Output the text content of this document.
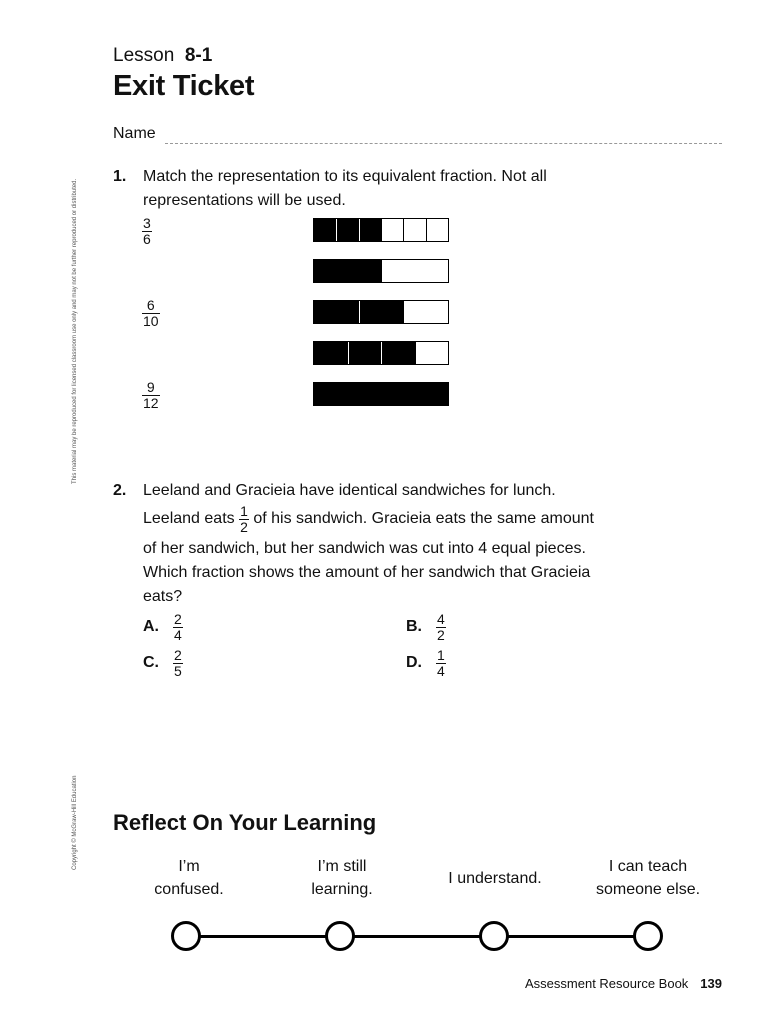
Lesson 8-1
Exit Ticket
Name
1. Match the representation to its equivalent fraction. Not all
representations will be used.
$\frac{3}{6}$
$\frac{6}{10}$
$\frac{9}{12}$
2. Leeland and Gracieia have identical sandwiches for lunch.
Leeland eats
$\frac{1}{2}$
of his sandwich. Gracieia eats the same amount
of her sandwich, but her sandwich was cut into 4 equal pieces.
Which fraction shows the amount of her sandwich that Gracieia
eats?
A. $\frac{2}{4}$	B. $\frac{4}{2}$
C. $\frac{2}{5}$	D. $\frac{1}{4}$
Reflect On Your Learning
I’m
confused.
I’m still
learning.
I understand.
I can teach
someone else.
This material may be reproduced for licensed classroom use only and may not be further reproduced or distributed.
Copyright © McGraw-Hill Education
Assessment Resource Book 139
